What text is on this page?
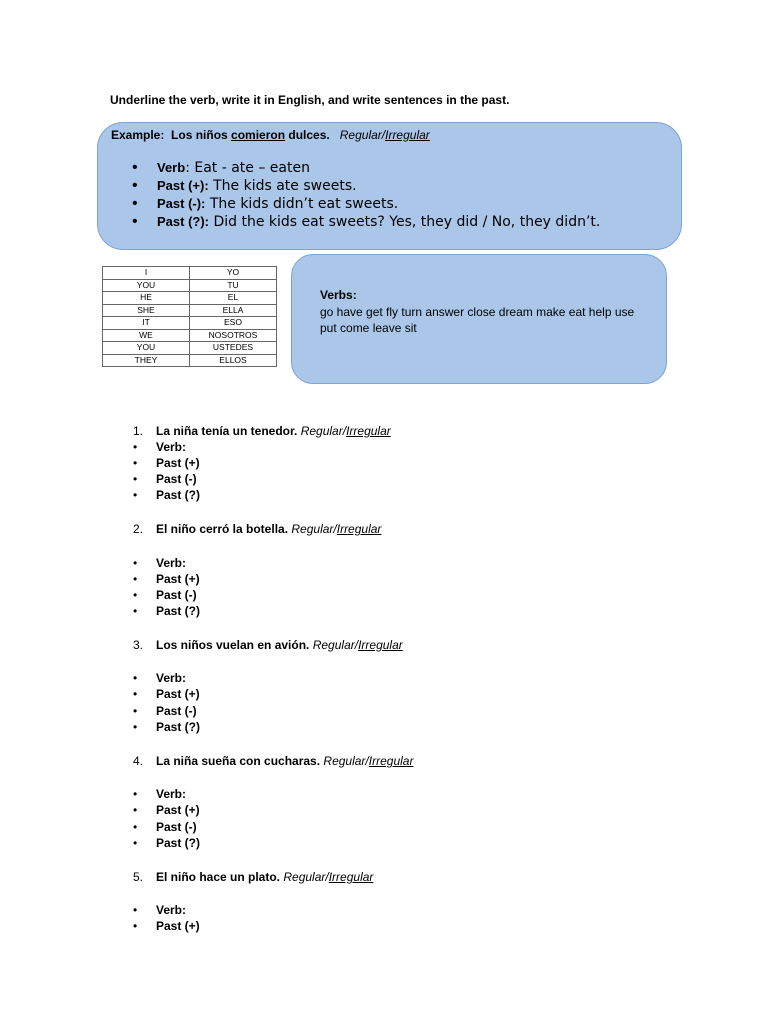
Underline the verb, write it in English, and write sentences in the past.
Example: Los niños comieron dulces. Regular/Irregular
• Verb: Eat - ate – eaten
• Past (+): The kids ate sweets.
• Past (-): The kids didn’t eat sweets.
• Past (?): Did the kids eat sweets? Yes, they did / No, they didn’t.
I	YO
YOU	TU
HE	EL
SHE	ELLA
IT	ESO
WE	NOSOTROS
YOU	USTEDES
THEY	ELLOS
Verbs:
go have get fly turn answer close dream make eat help use put come leave sit
1. La niña tenía un tenedor. Regular/Irregular
• Verb:
• Past (+)
• Past (-)
• Past (?)
2. El niño cerró la botella. Regular/Irregular
• Verb:
• Past (+)
• Past (-)
• Past (?)
3. Los niños vuelan en avión. Regular/Irregular
• Verb:
• Past (+)
• Past (-)
• Past (?)
4. La niña sueña con cucharas. Regular/Irregular
• Verb:
• Past (+)
• Past (-)
• Past (?)
5. El niño hace un plato. Regular/Irregular
• Verb:
• Past (+)
